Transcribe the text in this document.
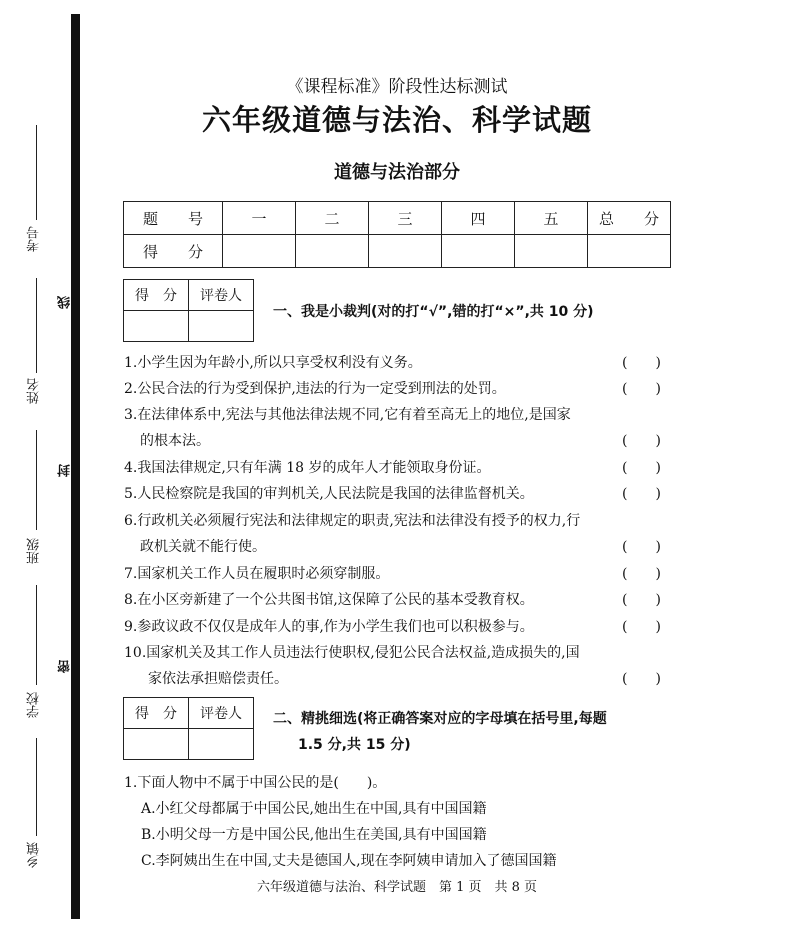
考号
姓名
班级
学校
乡镇
线
封
密
《课程标准》阶段性达标测试
六年级道德与法治、科学试题
道德与法治部分
题　　号	一	二	三	四	五	总　　分
得　　分						
得　分	评卷人

一、我是小裁判(对的打“√”,错的打“×”,共 10 分)
1.小学生因为年龄小,所以只享受权利没有义务。	(　　)
2.公民合法的行为受到保护,违法的行为一定受到刑法的处罚。	(　　)
3.在法律体系中,宪法与其他法律法规不同,它有着至高无上的地位,是国家
的根本法。	(　　)
4.我国法律规定,只有年满 18 岁的成年人才能领取身份证。	(　　)
5.人民检察院是我国的审判机关,人民法院是我国的法律监督机关。	(　　)
6.行政机关必须履行宪法和法律规定的职责,宪法和法律没有授予的权力,行
政机关就不能行使。	(　　)
7.国家机关工作人员在履职时必须穿制服。	(　　)
8.在小区旁新建了一个公共图书馆,这保障了公民的基本受教育权。	(　　)
9.参政议政不仅仅是成年人的事,作为小学生我们也可以积极参与。	(　　)
10.国家机关及其工作人员违法行使职权,侵犯公民合法权益,造成损失的,国
家依法承担赔偿责任。	(　　)
得　分	评卷人
	二、精挑细选(将正确答案对应的字母填在括号里,每题
1.5 分,共 15 分)
1.下面人物中不属于中国公民的是(　　)。
A.小红父母都属于中国公民,她出生在中国,具有中国国籍
B.小明父母一方是中国公民,他出生在美国,具有中国国籍
C.李阿姨出生在中国,丈夫是德国人,现在李阿姨申请加入了德国国籍
六年级道德与法治、科学试题　第 1 页　共 8 页
